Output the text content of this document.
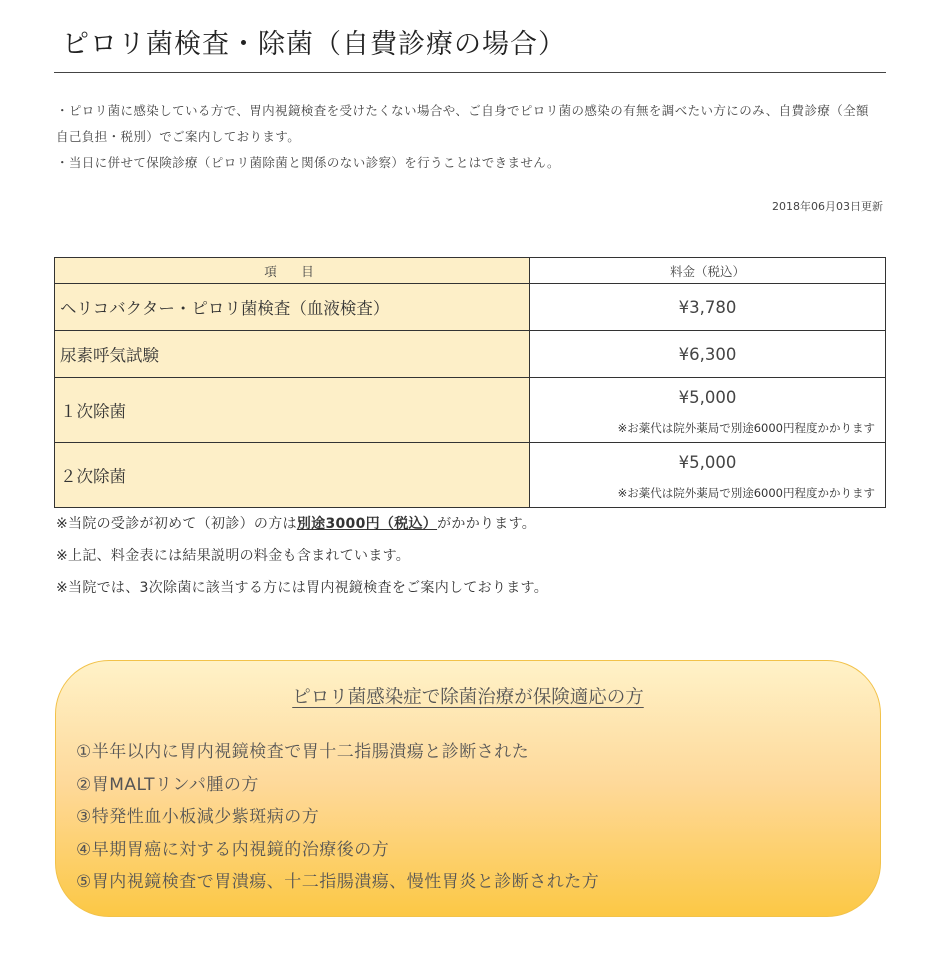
ピロリ菌検査・除菌（自費診療の場合）

・ピロリ菌に感染している方で、胃内視鏡検査を受けたくない場合や、ご自身でピロリ菌の感染の有無を調べたい方にのみ、自費診療（全額自己負担・税別）でご案内しております。

・当日に併せて保険診療（ピロリ菌除菌と関係のない診察）を行うことはできません。

2018年06月03日更新
項　目	料金（税込）
ヘリコバクター・ピロリ菌検査（血液検査）	¥3,780
尿素呼気試験	¥6,300
１次除菌	¥5,000
※お薬代は院外薬局で別途6000円程度かかります

２次除菌	¥5,000
※お薬代は院外薬局で別途6000円程度かかります

※当院の受診が初めて（初診）の方は別途3000円（税込）がかかります。

※上記、料金表には結果説明の料金も含まれています。

※当院では、3次除菌に該当する方には胃内視鏡検査をご案内しております。

ピロリ菌感染症で除菌治療が保険適応の方
①半年以内に胃内視鏡検査で胃十二指腸潰瘍と診断された
②胃MALTリンパ腫の方
③特発性血小板減少紫斑病の方
④早期胃癌に対する内視鏡的治療後の方
⑤胃内視鏡検査で胃潰瘍、十二指腸潰瘍、慢性胃炎と診断された方
